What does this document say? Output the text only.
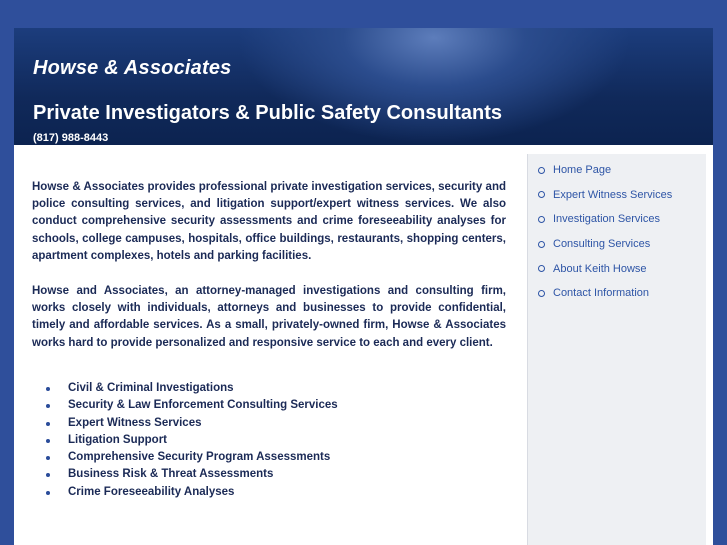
Howse & Associates
Private Investigators & Public Safety Consultants
(817) 988-8443

Howse & Associates provides professional private investigation services, security and police consulting services, and litigation support/expert witness services. We also conduct comprehensive security assessments and crime foreseeability analyses for schools, college campuses, hospitals, office buildings, restaurants, shopping centers, apartment complexes, hotels and parking facilities.

Howse and Associates, an attorney-managed investigations and consulting firm, works closely with individuals, attorneys and businesses to provide confidential, timely and affordable services. As a small, privately-owned firm, Howse & Associates works hard to provide personalized and responsive service to each and every client.

Civil & Criminal Investigations
Security & Law Enforcement Consulting Services
Expert Witness Services
Litigation Support
Comprehensive Security Program Assessments
Business Risk & Threat Assessments
Crime Foreseeability Analyses
Home Page
Expert Witness Services
Investigation Services
Consulting Services
About Keith Howse
Contact Information
